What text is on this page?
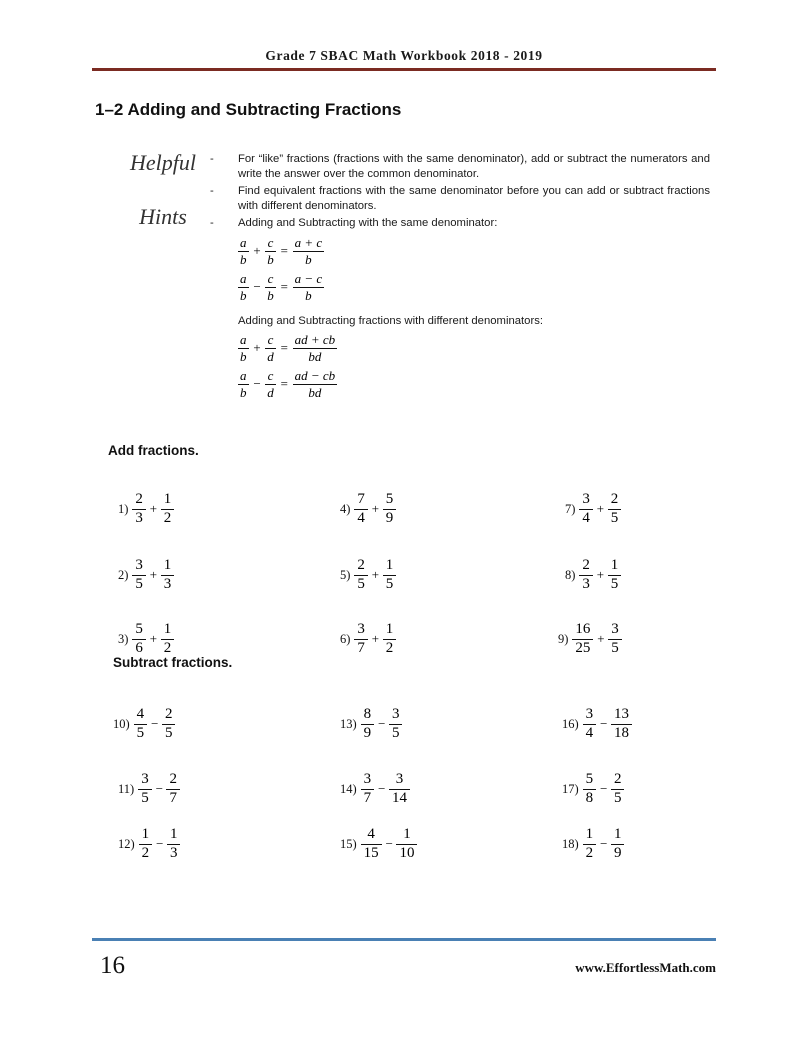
Grade 7 SBAC Math Workbook 2018 - 2019
1–2 Adding and Subtracting Fractions
Helpful
Hints
-	For “like” fractions (fractions with the same denominator), add or subtract the numerators and write the answer over the common denominator.
-	Find equivalent fractions with the same denominator before you can add or subtract fractions with different denominators.
-	Adding and Subtracting with the same denominator:
$\frac{a}{b} + \frac{c}{b} = \frac{a + c}{b}$
$\frac{a}{b} - \frac{c}{b} = \frac{a - c}{b}$
Adding and Subtracting fractions with different denominators:
$\frac{a}{b} + \frac{c}{d} = \frac{ad + cb}{bd}$
$\frac{a}{b} - \frac{c}{d} = \frac{ad - cb}{bd}$
Add fractions.
$1) \frac{2}{3} + \frac{1}{2}$
$2) \frac{3}{5} + \frac{1}{3}$
$3) \frac{5}{6} + \frac{1}{2}$
$4) \frac{7}{4} + \frac{5}{9}$
$5) \frac{2}{5} + \frac{1}{5}$
$6) \frac{3}{7} + \frac{1}{2}$
$7) \frac{3}{4} + \frac{2}{5}$
$8) \frac{2}{3} + \frac{1}{5}$
$9) \frac{16}{25} + \frac{3}{5}$
Subtract fractions.
$10) \frac{4}{5} - \frac{2}{5}$
$11) \frac{3}{5} - \frac{2}{7}$
$12) \frac{1}{2} - \frac{1}{3}$
$13) \frac{8}{9} - \frac{3}{5}$
$14) \frac{3}{7} - \frac{3}{14}$
$15) \frac{4}{15} - \frac{1}{10}$
$16) \frac{3}{4} - \frac{13}{18}$
$17) \frac{5}{8} - \frac{2}{5}$
$18) \frac{1}{2} - \frac{1}{9}$
16	www.EffortlessMath.com
